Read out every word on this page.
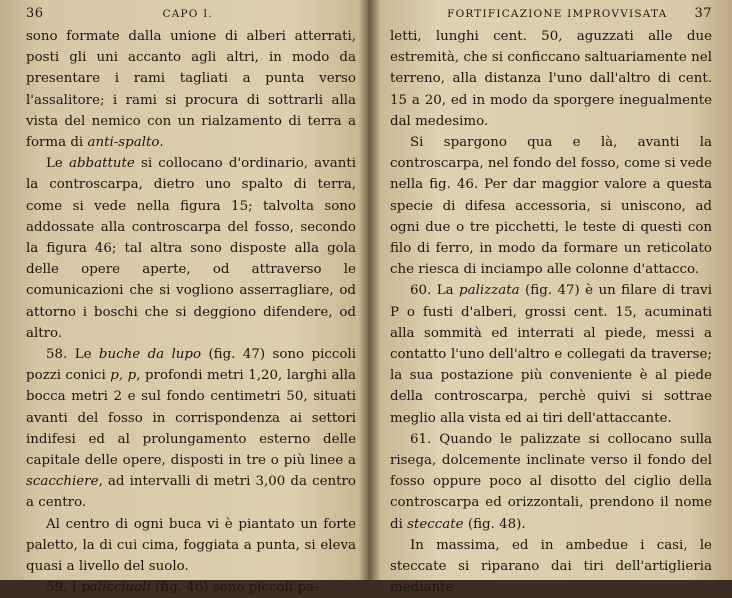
36	CAPO I.

sono formate dalla unione di alberi atterrati, posti gli uni accanto agli altri, in modo da presentare i rami tagliati a punta verso l'assalitore; i rami si procura di sottrarli alla vista del nemico con un rialzamento di terra a forma di anti-spalto.

Le abbattute si collocano d'ordinario, avanti la controscarpa, dietro uno spalto di terra, come si vede nella figura 15; talvolta sono addossate alla controscarpa del fosso, secondo la figura 46; tal altra sono disposte alla gola delle opere aperte, od attraverso le comunicazioni che si vogliono asserragliare, od attorno i boschi che si deggiono difendere, od altro.

58. Le buche da lupo (fig. 47) sono piccoli pozzi conici p, p, profondi metri 1,20, larghi alla bocca metri 2 e sul fondo centimetri 50, situati avanti del fosso in corrispondenza ai settori indifesi ed al prolungamento esterno delle capitale delle opere, disposti in tre o più linee a scacchiere, ad intervalli di metri 3,00 da centro a centro.

Al centro di ogni buca vi è piantato un forte paletto, la di cui cima, foggiata a punta, si eleva quasi a livello del suolo.

59. I palicciuoli (fig. 46) sono piccoli pa-

FORTIFICAZIONE IMPROVVISATA 37

letti, lunghi cent. 50, aguzzati alle due estremità, che si conficcano saltuariamente nel terreno, alla distanza l'uno dall'altro di cent. 15 a 20, ed in modo da sporgere inegualmente dal medesimo.

Si spargono qua e là, avanti la controscarpa, nel fondo del fosso, come si vede nella fig. 46. Per dar maggior valore a questa specie di difesa accessoria, si uniscono, ad ogni due o tre picchetti, le teste di questi con filo di ferro, in modo da formare un reticolato che riesca di inciampo alle colonne d'attacco.

60. La palizzata (fig. 47) è un filare di travi P o fusti d'alberi, grossi cent. 15, acuminati alla sommità ed interrati al piede, messi a contatto l'uno dell'altro e collegati da traverse; la sua postazione più conveniente è al piede della controscarpa, perchè quivi si sottrae meglio alla vista ed ai tiri dell'attaccante.

61. Quando le palizzate si collocano sulla risega, dolcemente inclinate verso il fondo del fosso oppure poco al disotto del ciglio della controscarpa ed orizzontali, prendono il nome di steccate (fig. 48).

In massima, ed in ambedue i casi, le steccate si riparano dai tiri dell'artiglieria mediante
